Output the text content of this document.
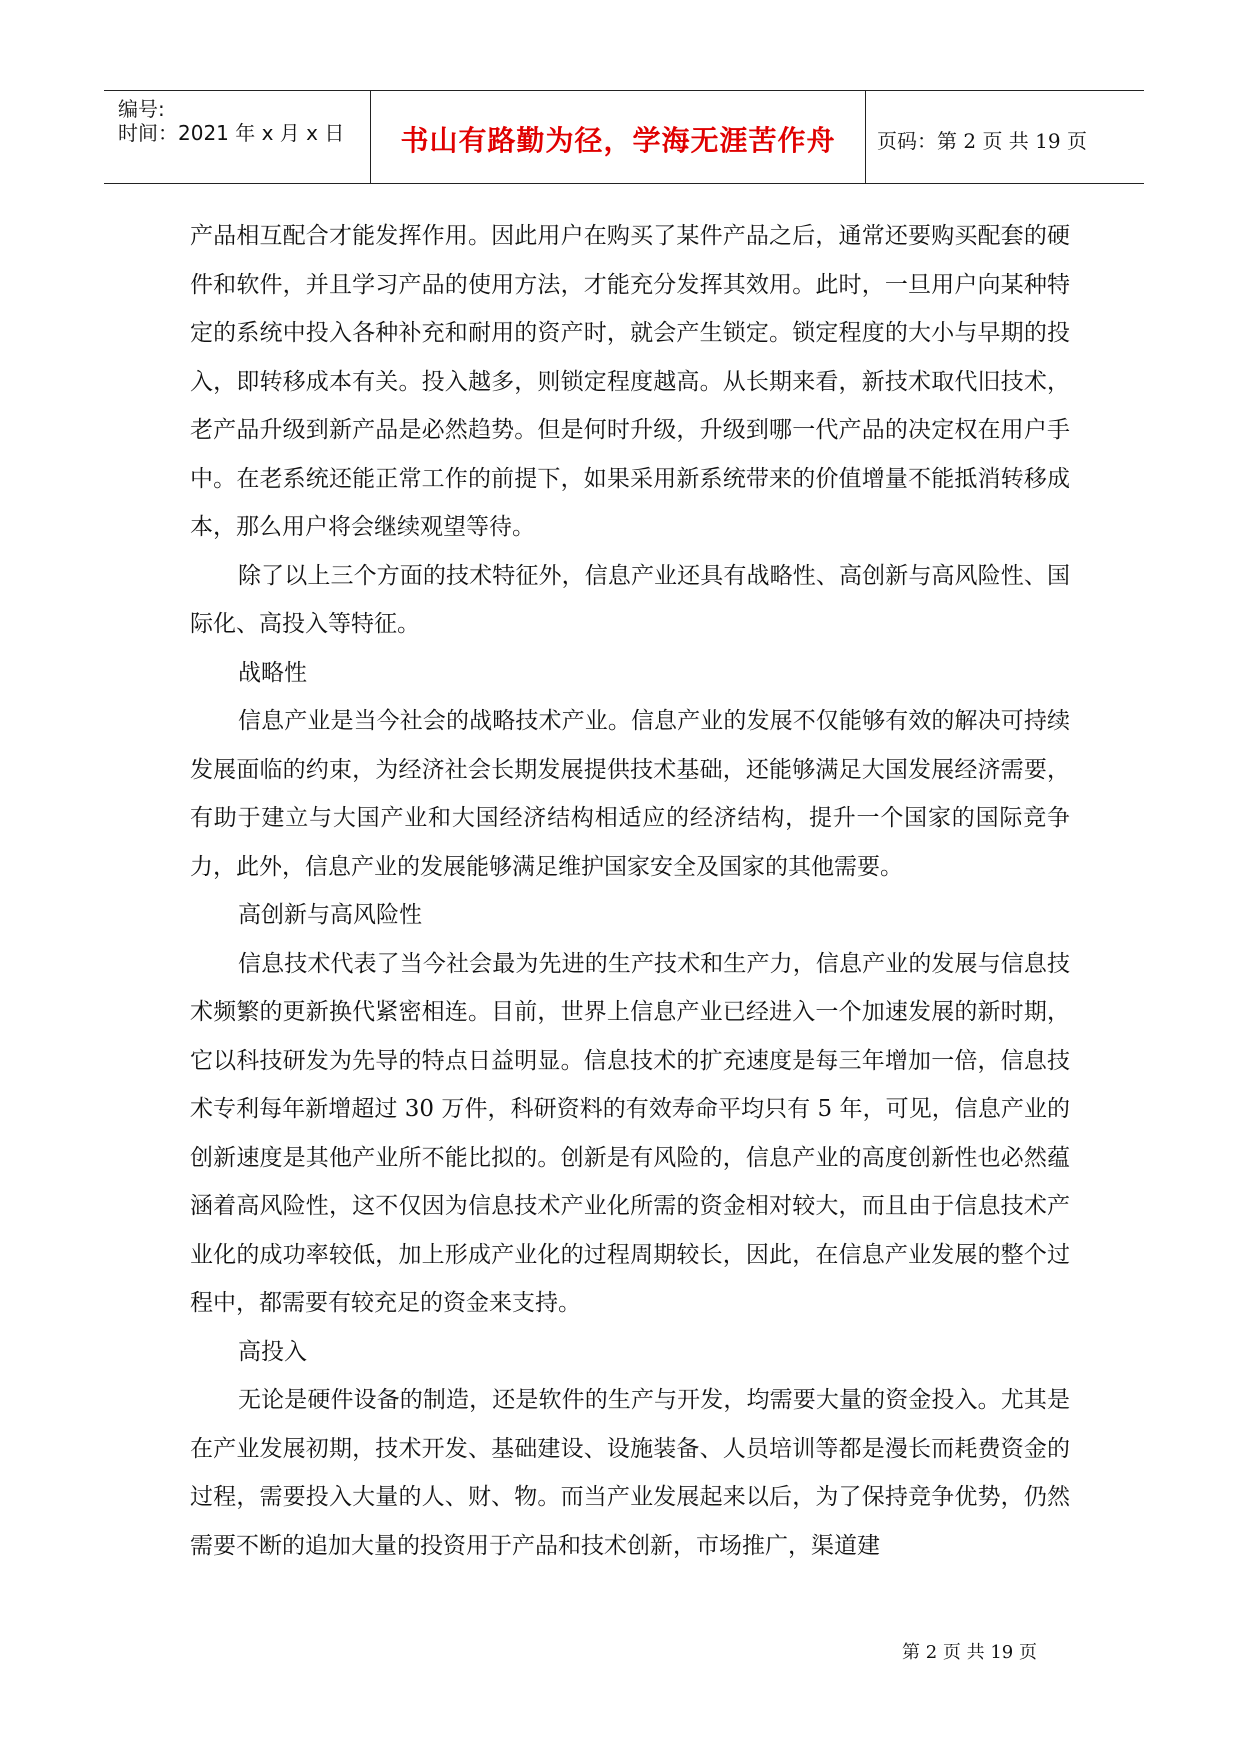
编号:
时间：2021 年 x 月 x 日	书山有路勤为径，学海无涯苦作舟	页码：第 2 页 共 19 页

产品相互配合才能发挥作用。因此用户在购买了某件产品之后，通常还要购买配套的硬件和软件，并且学习产品的使用方法，才能充分发挥其效用。此时，一旦用户向某种特定的系统中投入各种补充和耐用的资产时，就会产生锁定。锁定程度的大小与早期的投入，即转移成本有关。投入越多，则锁定程度越高。从长期来看，新技术取代旧技术，老产品升级到新产品是必然趋势。但是何时升级，升级到哪一代产品的决定权在用户手中。在老系统还能正常工作的前提下，如果采用新系统带来的价值增量不能抵消转移成本，那么用户将会继续观望等待。

除了以上三个方面的技术特征外，信息产业还具有战略性、高创新与高风险性、国际化、高投入等特征。

战略性

信息产业是当今社会的战略技术产业。信息产业的发展不仅能够有效的解决可持续发展面临的约束，为经济社会长期发展提供技术基础，还能够满足大国发展经济需要，有助于建立与大国产业和大国经济结构相适应的经济结构，提升一个国家的国际竞争力，此外，信息产业的发展能够满足维护国家安全及国家的其他需要。

高创新与高风险性

信息技术代表了当今社会最为先进的生产技术和生产力，信息产业的发展与信息技术频繁的更新换代紧密相连。目前，世界上信息产业已经进入一个加速发展的新时期，它以科技研发为先导的特点日益明显。信息技术的扩充速度是每三年增加一倍，信息技术专利每年新增超过 30 万件，科研资料的有效寿命平均只有 5 年，可见，信息产业的创新速度是其他产业所不能比拟的。创新是有风险的，信息产业的高度创新性也必然蕴涵着高风险性，这不仅因为信息技术产业化所需的资金相对较大，而且由于信息技术产业化的成功率较低，加上形成产业化的过程周期较长，因此，在信息产业发展的整个过程中，都需要有较充足的资金来支持。

高投入

无论是硬件设备的制造，还是软件的生产与开发，均需要大量的资金投入。尤其是在产业发展初期，技术开发、基础建设、设施装备、人员培训等都是漫长而耗费资金的过程，需要投入大量的人、财、物。而当产业发展起来以后，为了保持竞争优势，仍然需要不断的追加大量的投资用于产品和技术创新，市场推广，渠道建

第 2 页 共 19 页
